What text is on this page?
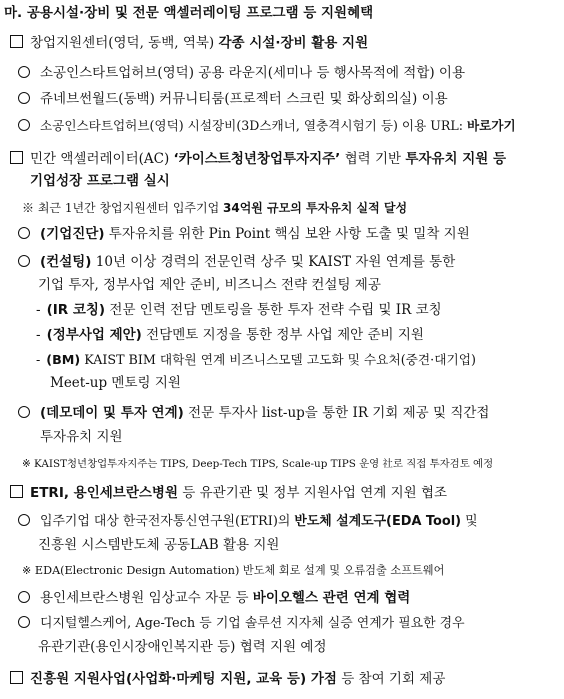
마. 공용시설·장비 및 전문 액셀러레이팅 프로그램 등 지원혜택
창업지원센터(영덕, 동백, 역북) 각종 시설·장비 활용 지원
소공인스타트업허브(영덕) 공용 라운지(세미나 등 행사목적에 적합) 이용
쥬네브썬월드(동백) 커뮤니티룸(프로젝터 스크린 및 화상회의실) 이용
소공인스타트업허브(영덕) 시설장비(3D스캐너, 열충격시험기 등) 이용 URL: 바로가기
민간 액셀러레이터(AC) ‘카이스트청년창업투자지주’ 협력 기반 투자유치 지원 등
기업성장 프로그램 실시
※ 최근 1년간 창업지원센터 입주기업 34억원 규모의 투자유치 실적 달성
(기업진단) 투자유치를 위한 Pin Point 핵심 보완 사항 도출 및 밀착 지원
(컨설팅) 10년 이상 경력의 전문인력 상주 및 KAIST 자원 연계를 통한
기업 투자, 정부사업 제안 준비, 비즈니스 전략 컨설팅 제공
- (IR 코칭) 전문 인력 전담 멘토링을 통한 투자 전략 수립 및 IR 코칭
- (정부사업 제안) 전담멘토 지정을 통한 정부 사업 제안 준비 지원
- (BM) KAIST BIM 대학원 연계 비즈니스모델 고도화 및 수요처(중견·대기업)
Meet-up 멘토링 지원
(데모데이 및 투자 연계) 전문 투자사 list-up을 통한 IR 기회 제공 및 직간접
투자유치 지원
※ KAIST청년창업투자지주는 TIPS, Deep-Tech TIPS, Scale-up TIPS 운영 社로 직접 투자검토 예정
ETRI, 용인세브란스병원 등 유관기관 및 정부 지원사업 연계 지원 협조
입주기업 대상 한국전자통신연구원(ETRI)의 반도체 설계도구(EDA Tool) 및
진흥원 시스템반도체 공동LAB 활용 지원
※ EDA(Electronic Design Automation) 반도체 회로 설계 및 오류검출 소프트웨어
용인세브란스병원 임상교수 자문 등 바이오헬스 관련 연계 협력
디지털헬스케어, Age-Tech 등 기업 솔루션 지자체 실증 연계가 필요한 경우
유관기관(용인시장애인복지관 등) 협력 지원 예정
진흥원 지원사업(사업화·마케팅 지원, 교육 등) 가점 등 참여 기회 제공
